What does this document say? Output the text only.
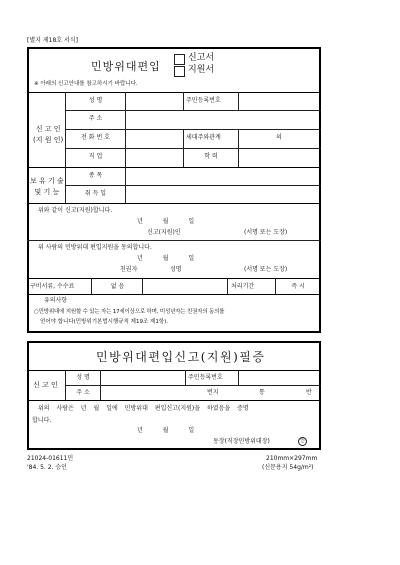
[별지 제18호 서식]
민방위대편입
신고서
지원서
※ 아래의 신고안내를 참고하시기 바랍니다.
신 고 인
(지 원 인)
성 명	주민등록번호
주 소
전 화 번 호	세대주와관계	의
직 업	학 력
보 유 기 술
및 기 능
종 목
취 득 일
위와 같이 신고(지원)합니다.
년 월 일
신고(지원)인	(서명 또는 도장)
위 사람의 민방위대 편입지원을 동의합니다.
년 월 일
친권자	성명	(서명 또는 도장)
구비서류, 수수료	없 음	처리기간	즉 시
유의사항
○민방위대에 지원할 수 있는 자는 17세이상으로 하며, 미성년자는 친권자의 동의를
얻어야 합니다(민방위기본법시행규칙 제19조 제1항).
민방위대편입신고(지원)필증
신 고 인
성 명	주민등록번호
주 소	번지	통	반
위의 사람은 년 월 일에 민방위대 편입신고(지원)을 하였음을 증명
합니다.
년 월 일
동장(직장민방위대장)	인
21024-01611민
'84. 5. 2. 승인
210mm×297mm
(신문용지 54g/m²)
